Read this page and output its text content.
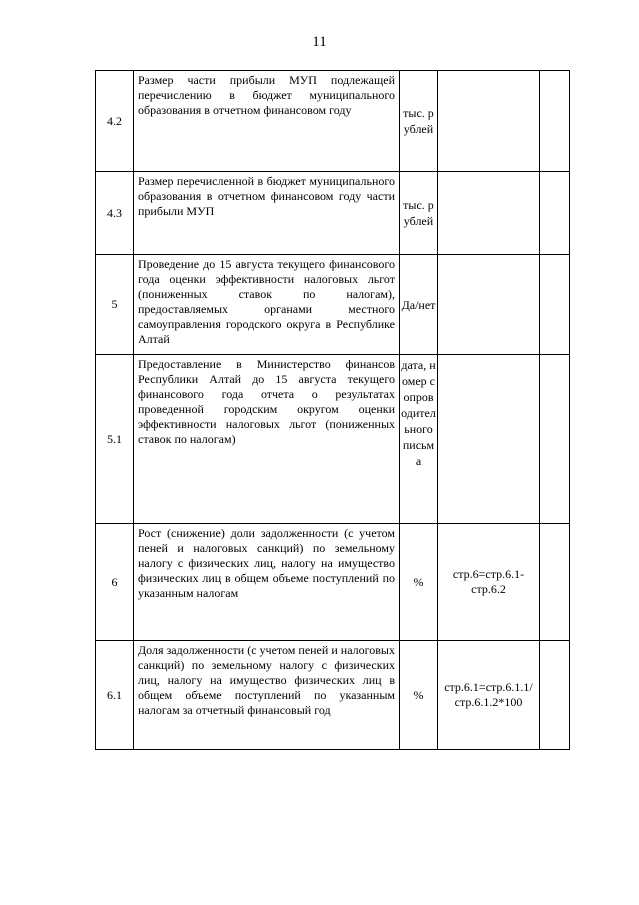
11
4.2	Размер части прибыли МУП подлежащей перечислению в бюджет муниципального образования в отчетном финансовом году	тыс. рублей		
4.3	Размер перечисленной в бюджет муниципального образования в отчетном финансовом году части прибыли МУП	тыс. рублей		
5	Проведение до 15 августа текущего финансового года оценки эффективности налоговых льгот (пониженных ставок по налогам), предоставляемых органами местного самоуправления городского округа в Республике Алтай	Да/нет		
5.1	Предоставление в Министерство финансов Республики Алтай до 15 августа текущего финансового года отчета о результатах проведенной городским округом оценки эффективности налоговых льгот (пониженных ставок по налогам)	дата, номер сопроводительного письма		
6	Рост (снижение) доли задолженности (с учетом пеней и налоговых санкций) по земельному налогу с физических лиц, налогу на имущество физических лиц в общем объеме поступлений по указанным налогам	%	стр.6=стр.6.1-стр.6.2	
6.1	Доля задолженности (с учетом пеней и налоговых санкций) по земельному налогу с физических лиц, налогу на имущество физических лиц в общем объеме поступлений по указанным налогам за отчетный финансовый год	%	стр.6.1=стр.6.1.1/стр.6.1.2*100	
